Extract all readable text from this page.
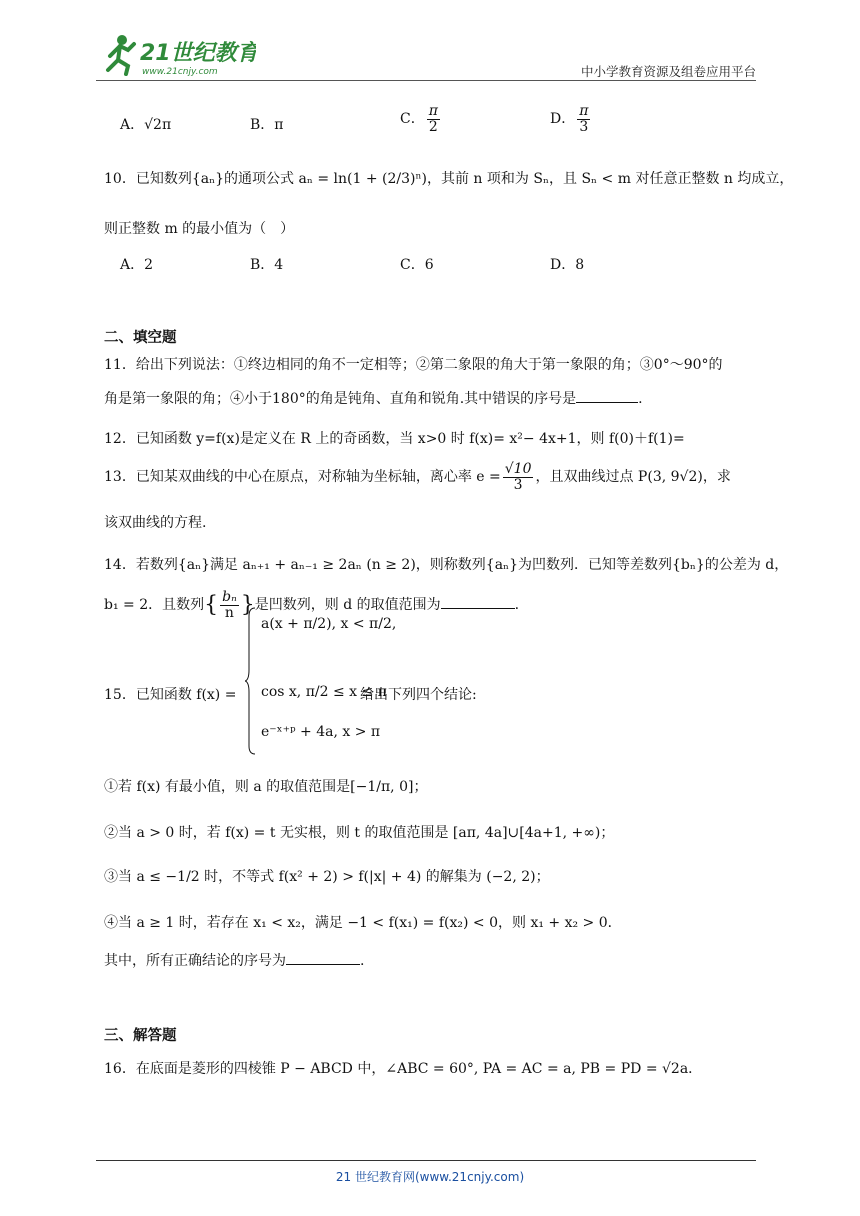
21世纪教育
www.21cnjy.com	中小学教育资源及组卷应用平台
A．√2π	B．π	C． $\frac{\pi}{2}$	D． $\frac{\pi}{3}$
10．已知数列{aₙ}的通项公式 aₙ = ln(1 + (2/3)ⁿ)，其前 n 项和为 Sₙ，且 Sₙ < m 对任意正整数 n 均成立，
则正整数 m 的最小值为（　）
A．2	B．4	C．6	D．8
二、填空题
11．给出下列说法：①终边相同的角不一定相等；②第二象限的角大于第一象限的角；③0°～90°的
角是第一象限的角；④小于180°的角是钝角、直角和锐角.其中错误的序号是	.
12．已知函数 y=f(x)是定义在 R 上的奇函数，当 x>0 时 f(x)= x²− 4x+1，则 f(0)＋f(1)=
13．已知某双曲线的中心在原点，对称轴为坐标轴，离心率 $e = \frac{√10}{3}$ ，且双曲线过点 P(3, 9√2)，求
该双曲线的方程.
14．若数列{aₙ}满足 aₙ₊₁ + aₙ₋₁ ≥ 2aₙ (n ≥ 2)，则称数列{aₙ}为凹数列．已知等差数列{bₙ}的公差为 d，
b₁ = 2．且数列{ $\frac{\text{bₙ}}{n}$ }是凹数列，则 d 的取值范围为	.
15．已知函数 f(x) =
a(x + π/2), x < π/2,
cos x, π/2 ≤ x ≤ π
e⁻ˣ⁺ᵖ + 4a, x > π
给出下列四个结论:
①若 f(x) 有最小值，则 a 的取值范围是[−1/π, 0]；
②当 a > 0 时，若 f(x) = t 无实根，则 t 的取值范围是 [aπ, 4a]∪[4a+1, +∞)；
③当 a ≤ −1/2 时，不等式 f(x² + 2) > f(|x| + 4) 的解集为 (−2, 2)；
④当 a ≥ 1 时，若存在 x₁ < x₂，满足 −1 < f(x₁) = f(x₂) < 0，则 x₁ + x₂ > 0．
其中，所有正确结论的序号为	.
三、解答题
16．在底面是菱形的四棱锥 P − ABCD 中，∠ABC = 60°, PA = AC = a, PB = PD = √2a．
21 世纪教育网(www.21cnjy.com)
